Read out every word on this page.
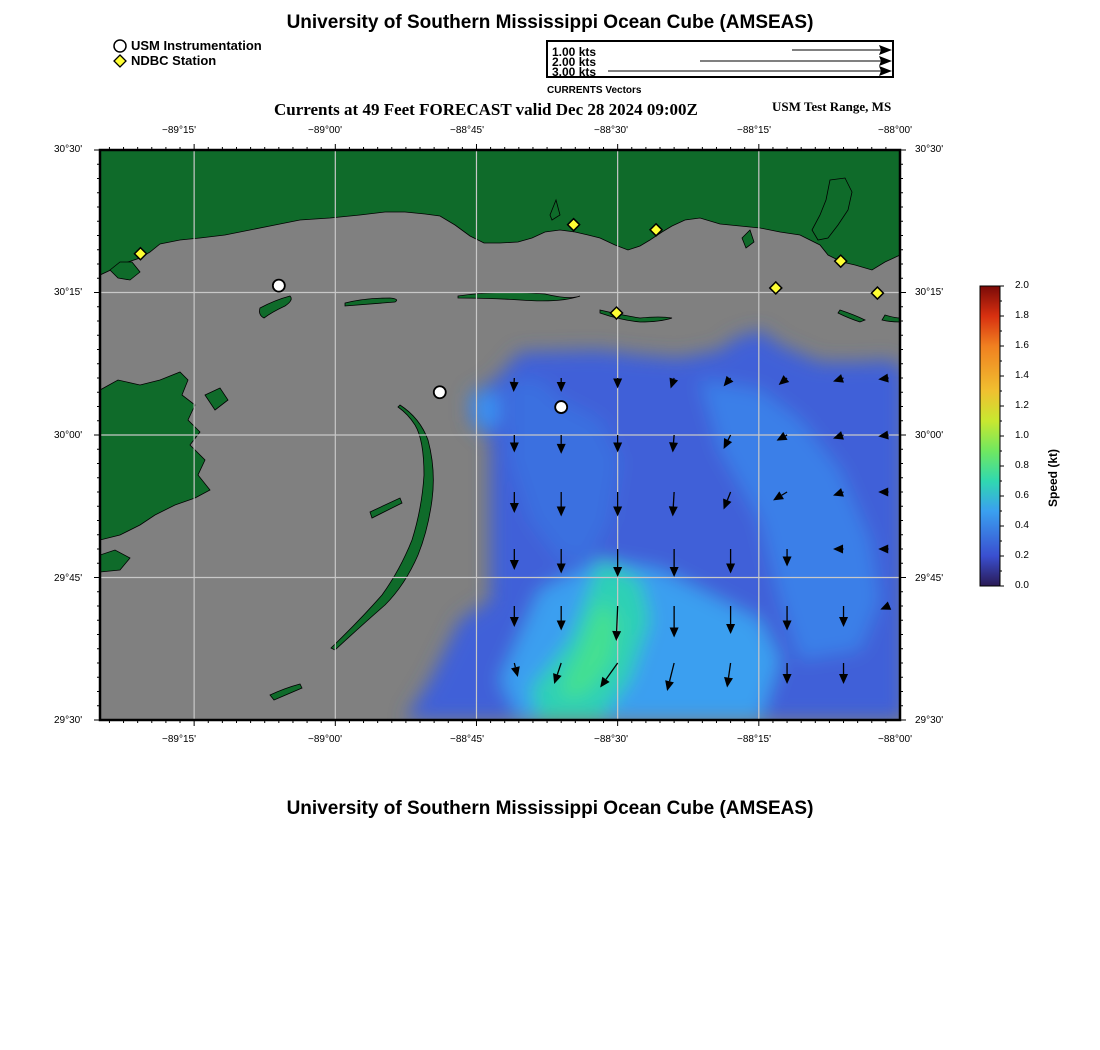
University of Southern Mississippi Ocean Cube (AMSEAS)
USM Instrumentation
NDBC Station
1.00 kts
2.00 kts
3.00 kts
CURRENTS Vectors
Currents at 49 Feet FORECAST valid Dec 28 2024 09:00Z	USM Test Range, MS
−89°15'	−89°00'	−88°45'	−88°30'	−88°15'	−88°00'
−89°15'	−89°00'	−88°45'	−88°30'	−88°15'	−88°00'
30°30'
30°15'
30°00'
29°45'
29°30'
30°30'
30°15'
30°00'
29°45'
29°30'
2.0
1.8
1.6
1.4
1.2
1.0
0.8
0.6
0.4
0.2
0.0
Speed (kt)
University of Southern Mississippi Ocean Cube (AMSEAS)
